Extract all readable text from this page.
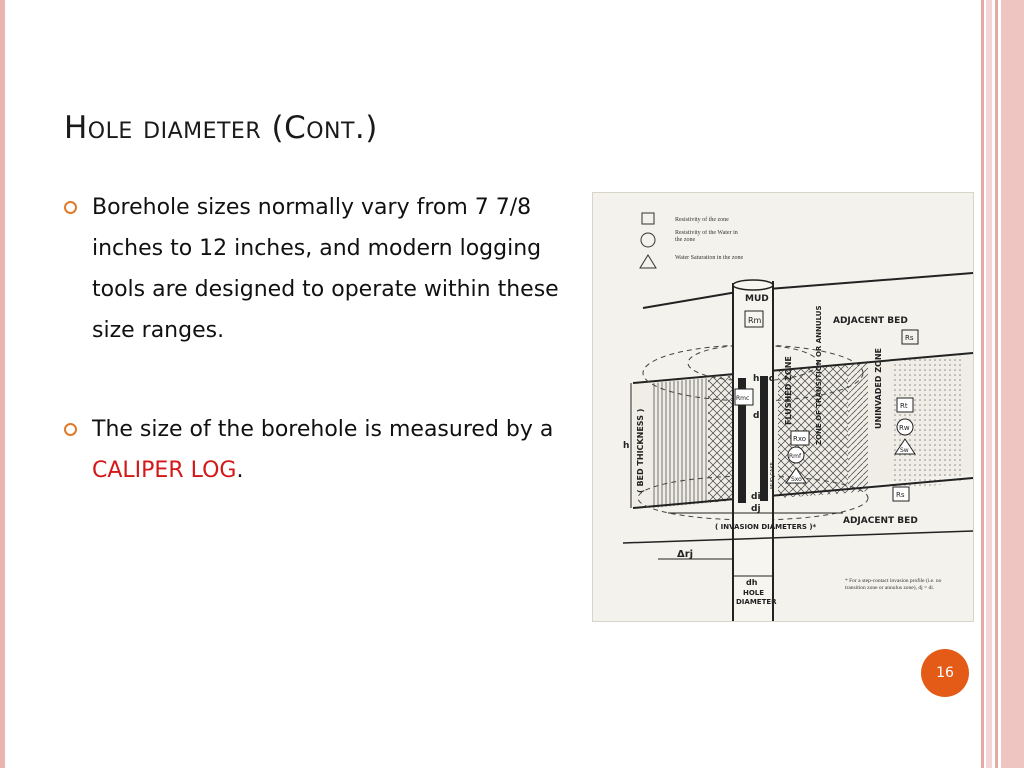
Hole diameter (Cont.)
Borehole sizes normally vary from 7 7/8 inches to 12 inches, and modern logging tools are designed to operate within these size ranges.
The size of the borehole is measured by a CALIPER LOG.
Resistivity of the zone
Resistivity of the Water in the zone
Water Saturation in the zone
MUD
Rm	ADJACENT BED
Rs
hmc
Rmc
dh FLUSHED ZONE	ZONE OF TRANSITION OR ANNULUS	UNINVADED ZONE
MUD CAKE
Rt
Rw
Sw
Rxo
Rmf
Sxo
h ( BED THICKNESS )
di
dj
( INVASION DIAMETERS )*
ADJACENT BED
Rs
Δrj
dh
HOLE
DIAMETER
* For a step-contact invasion profile (i.e. no transition zone or annulus zone), dj = di.
16
